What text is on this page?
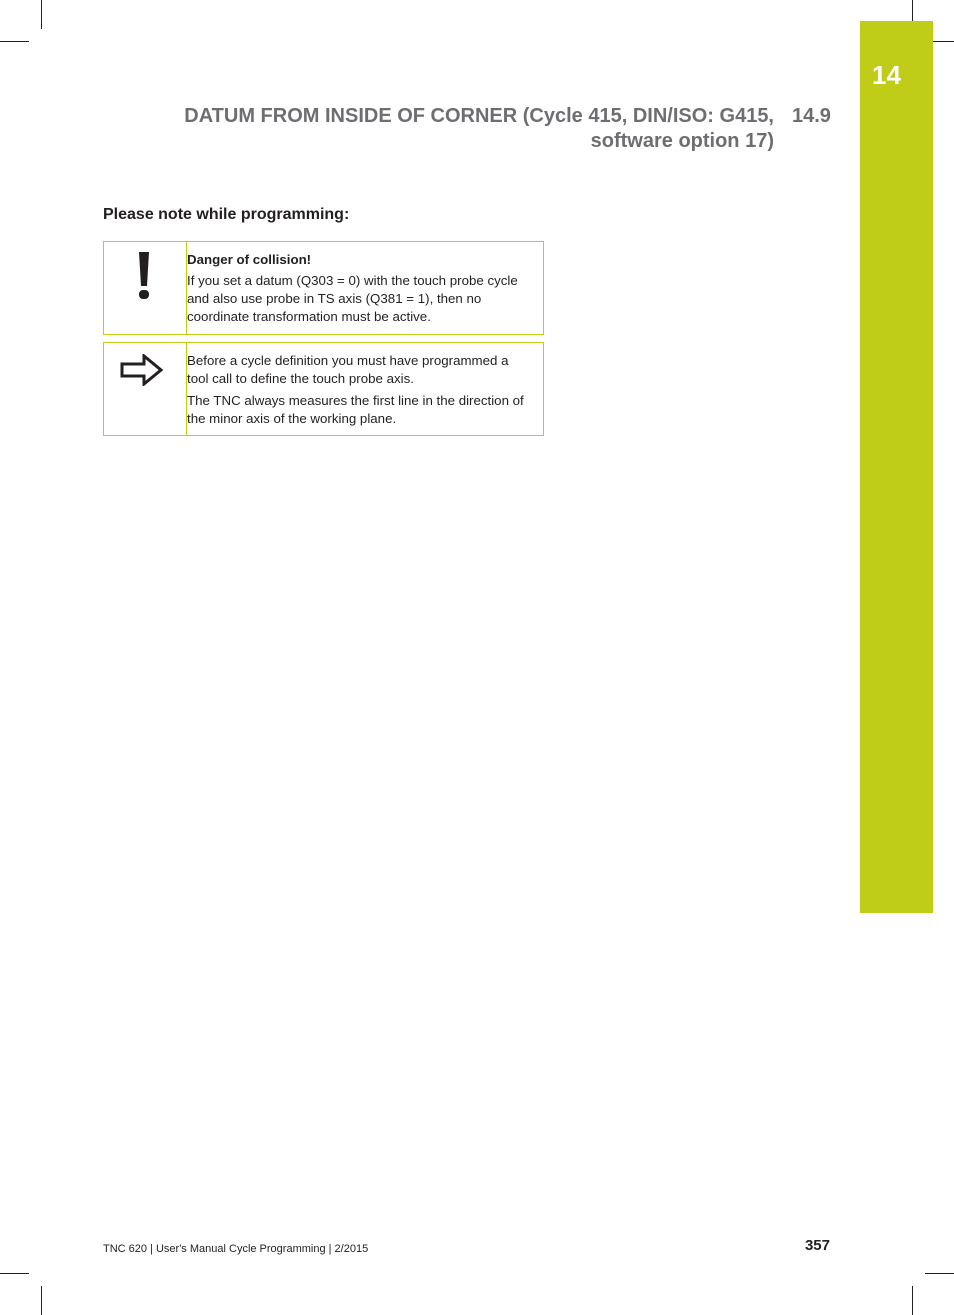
14
DATUM FROM INSIDE OF CORNER (Cycle 415, DIN/ISO: G415,
software option 17)
14.9
Please note while programming:

Danger of collision!

If you set a datum (Q303 = 0) with the touch probe cycle and also use probe in TS axis (Q381 = 1), then no coordinate transformation must be active.

Before a cycle definition you must have programmed a tool call to define the touch probe axis.

The TNC always measures the first line in the direction of the minor axis of the working plane.

TNC 620 | User's Manual Cycle Programming | 2/2015	357
